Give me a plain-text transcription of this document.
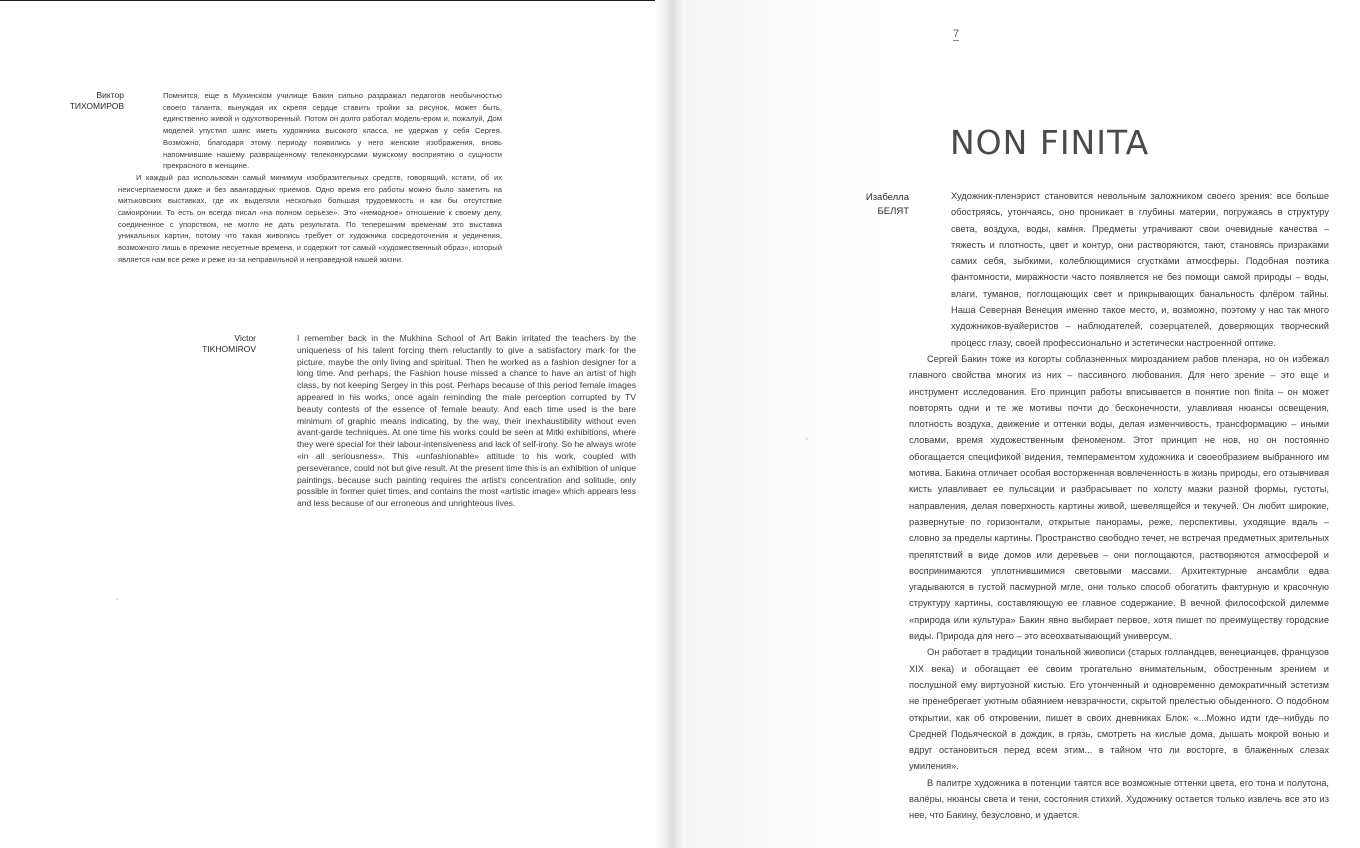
Виктор
ТИХОМИРОВ

Помнится, еще в Мухинском училище Бакин сильно раздражал педагогов необычностью своего таланта, вынуждая их скрепя сердце ставить тройки за рисунок, может быть, единственно живой и одухотворенный. Потом он долго работал модель-ером и, пожалуй, Дом моделей упустил шанс иметь художника высокого класса, не удержав у себя Сергея. Возможно, благодаря этому периоду появились у него женские изображения, вновь напомнившие нашему развращенному телеконкурсами мужскому восприятию о сущности прекрасного в женщине.

И каждый раз использован самый минимум изобразительных средств, говорящий, кстати, об их неисчерпаемости даже и без авангардных приемов. Одно время его работы можно было заметить на митьковских выставках, где их выделяли несколько большая трудоемкость и как бы отсутствие самоиронии. То есть он всегда писал «на полном серьезе». Это «немодное» отношение к своему делу, соединенное с упорством, не могло не дать результата. По теперешним временам это выставка уникальных картин, потому что такая живопись требует от художника сосредоточения и уединения, возможного лишь в прежние несуетные времена, и содержит тот самый «художественный образ», который является нам все реже и реже из-за неправильной и неправедной нашей жизни.

Victor
TIKHOMIROV

I remember back in the Mukhina School of Art Bakin irritated the teachers by the uniqueness of his talent forcing them reluctantly to give a satisfactory mark for the picture, maybe the only living and spiritual. Then he worked as a fashion designer for a long time. And perhaps, the Fashion house missed a chance to have an artist of high class, by not keeping Sergey in this post. Perhaps because of this period female images appeared in his works, once again reminding the male perception corrupted by TV beauty contests of the essence of female beauty. And each time used is the bare minimum of graphic means indicating, by the way, their inexhaustibility without even avant-garde techniques. At one time his works could be seen at Mitki exhibitions, where they were special for their labour-intensiveness and lack of self-irony. So he always wrote «in all seriousness». This «unfashionable» attitude to his work, coupled with perseverance, could not but give result. At the present time this is an exhibition of unique paintings, because such painting requires the artist's concentration and solitude, only possible in former quiet times, and contains the most «artistic image» which appears less and less because of our erroneous and unrighteous lives.

7
NON FINITA
Изабелла
БЕЛЯТ

Художник-пленэрист становится невольным заложником своего зрения: все больше обостряясь, утончаясь, оно проникает в глубины материи, погружаясь в структуру света, воздуха, воды, камня. Предметы утрачивают свои очевидные качества – тяжесть и плотность, цвет и контур, они растворяются, тают, становясь призраками самих себя, зыбкими, колеблющимися сгустками атмосферы. Подобная поэтика фантомности, миражности часто появляется не без помощи самой природы – воды, влаги, туманов, поглощающих свет и прикрывающих банальность флёром тайны. Наша Северная Венеция именно такое место, и, возможно, поэтому у нас так много художников-вуайеристов – наблюдателей, созерцателей, доверяющих творческий процесс глазу, своей профессионально и эстетически настроенной оптике.

Сергей Бакин тоже из когорты соблазненных мирозданием рабов пленэра, но он избежал главного свойства многих из них – пассивного любования. Для него зрение – это еще и инструмент исследования. Его принцип работы вписывается в понятие non finita – он может повторять одни и те же мотивы почти до бесконечности, улавливая нюансы освещения, плотность воздуха, движение и оттенки воды, делая изменчивость, трансформацию – иными словами, время художественным феноменом. Этот принцип не нов, но он постоянно обогащается спецификой видения, темпераментом художника и своеобразием выбранного им мотива. Бакина отличает особая восторженная вовлеченность в жизнь природы, его отзывчивая кисть улавливает ее пульсации и разбрасывает по холсту мазки разной формы, густоты, направления, делая поверхность картины живой, шевелящейся и текучей. Он любит широкие, развернутые по горизонтали, открытые панорамы, реже, перспективы, уходящие вдаль – словно за пределы картины. Пространство свободно течет, не встречая предметных зрительных препятствий в виде домов или деревьев – они поглощаются, растворяются атмосферой и воспринимаются уплотнившимися световыми массами. Архитектурные ансамбли едва угадываются в густой пасмурной мгле, они только способ обогатить фактурную и красочную структуру картины, составляющую ее главное содержание. В вечной философской дилемме «природа или культура» Бакин явно выбирает первое, хотя пишет по преимуществу городские виды. Природа для него – это всеохватывающий универсум.

Он работает в традиции тональной живописи (старых голландцев, венецианцев, французов XIX века) и обогащает ее своим трогательно внимательным, обостренным зрением и послушной ему виртуозной кистью. Его утонченный и одновременно демократичный эстетизм не пренебрегает уютным обаянием невзрачности, скрытой прелестью обыденного. О подобном открытии, как об откровении, пишет в своих дневниках Блок: «...Можно идти где–нибудь по Средней Подьяческой в дождик, в грязь, смотреть на кислые дома, дышать мокрой вонью и вдруг остановиться перед всем этим... в тайном что ли восторге, в блаженных слезах умиления».

В палитре художника в потенции таятся все возможные оттенки цвета, его тона и полутона, валёры, нюансы света и тени, состояния стихий. Художнику остается только извлечь все это из нее, что Бакину, безусловно, и удается.
